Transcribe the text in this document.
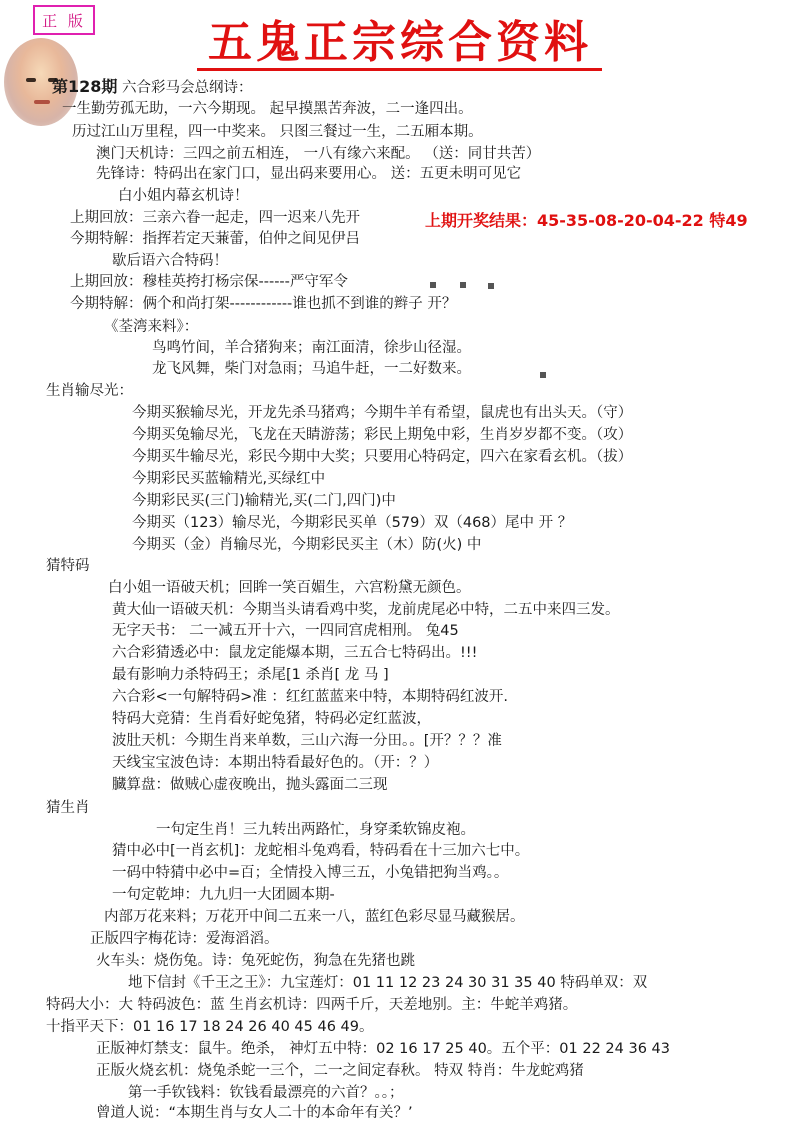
正 版	五鬼正宗综合资料
第128期 六合彩马会总纲诗：
上期开奖结果：45-35-08-20-04-22 特49
一生勤劳孤无助，一六今期现。 起早摸黑苦奔波，二一逢四出。
历过江山万里程，四一中奖来。 只图三餐过一生，二五厢本期。
澳门天机诗：三四之前五相连， 一八有缘六来配。 （送：同甘共苦）
先锋诗：特码出在家门口，显出码来要用心。 送：五更未明可见它
白小姐内幕玄机诗！
上期回放：三亲六眷一起走，四一迟来八先开
今期特解：指挥若定天蒹蕾，伯仲之间见伊吕
歇后语六合特码！
上期回放：穆桂英挎打杨宗保------严守军令
今期特解：俩个和尚打架------------谁也抓不到谁的辫子 开？
《荃湾来料》：
鸟鸣竹间，羊合猪狗来；南江面清，徐步山径湿。
龙飞风舞，柴门对急雨；马追牛赶，一二好数来。
生肖输尽光：
今期买猴输尽光，开龙先杀马猪鸡；今期牛羊有希望，鼠虎也有出头天。（守）
今期买兔输尽光，飞龙在天睛游荡；彩民上期兔中彩，生肖岁岁都不变。（攻）
今期买牛输尽光，彩民今期中大奖；只要用心特码定，四六在家看玄机。（拔）
今期彩民买蓝输精光,买绿红中
今期彩民买(三门)输精光,买(二门,四门)中
今期买（123）输尽光，今期彩民买单（579）双（468）尾中 开 ？
今期买（金）肖输尽光，今期彩民买主（木）防(火) 中
猜特码
白小姐一语破天机；回眸一笑百媚生，六宫粉黛无颜色。
黄大仙一语破天机：今期当头请看鸡中奖，龙前虎尾必中特，二五中来四三发。
无字天书： 二一减五开十六，一四同宫虎相刑。 兔45
六合彩猜透必中：鼠龙定能爆本期，三五合七特码出。!!!
最有影响力杀特码王；杀尾[1 杀肖[ 龙 马 ]
六合彩<一句解特码>准 ：红红蓝蓝来中特，本期特码红波开.
特码大竞猜：生肖看好蛇兔猪，特码必定红蓝波，
波肚天机：今期生肖来单数，三山六海一分田。。[开？？？准
天线宝宝波色诗：本期出特看最好色的。（开：？）
臓算盘：做贼心虚夜晚出，抛头露面二三现
猜生肖
一句定生肖！三九转出两路忙，身穿柔软锦皮袍。
猜中必中[一肖玄机]：龙蛇相斗兔鸡看，特码看在十三加六七中。
一码中特猜中必中=百；全情投入博三五，小兔错把狗当鸡。。
一句定乾坤：九九归一大团圆本期-
内部万花来料；万花开中间二五来一八，蓝红色彩尽显马藏猴居。
正版四字梅花诗：爱海滔滔。
火车头：烧伤兔。诗：兔死蛇伤，狗急在先猪也跳
地下信封《千王之王》：九宝莲灯：01 11 12 23 24 30 31 35 40 特码单双：双
特码大小：大 特码波色：蓝 生肖玄机诗：四两千斤，天差地别。主：牛蛇羊鸡猪。
十指平天下：01 16 17 18 24 26 40 45 46 49。
正版神灯禁支：鼠牛。绝杀， 神灯五中特：02 16 17 25 40。五个平：01 22 24 36 43
正版火烧玄机：烧兔杀蛇一三个，二一之间定春秋。 特双 特肖：牛龙蛇鸡猪
第一手钦钱料：钦钱看最漂亮的六首？。。；
曾道人说：“本期生肖与女人二十的本命年有关？’
